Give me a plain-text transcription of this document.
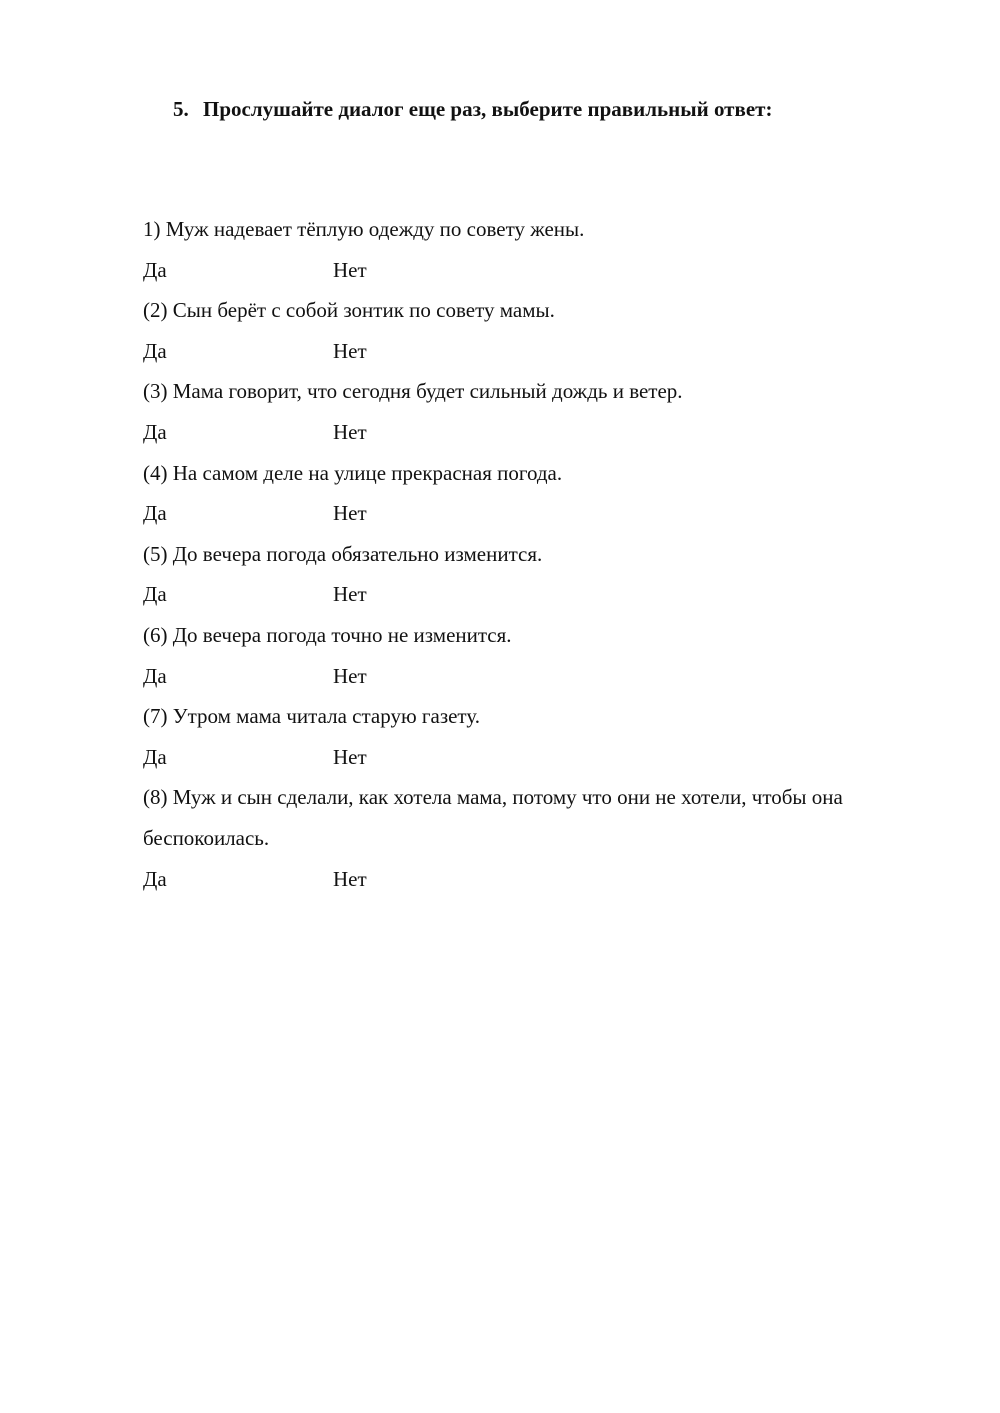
5. Прослушайте диалог еще раз, выберите правильный ответ:
1) Муж надевает тёплую одежду по совету жены.
Да	Нет
(2) Сын берёт с собой зонтик по совету мамы.
Да	Нет
(3) Мама говорит, что сегодня будет сильный дождь и ветер.
Да	Нет
(4) На самом деле на улице прекрасная погода.
Да	Нет
(5) До вечера погода обязательно изменится.
Да	Нет
(6) До вечера погода точно не изменится.
Да	Нет
(7) Утром мама читала старую газету.
Да	Нет
(8) Муж и сын сделали, как хотела мама, потому что они не хотели, чтобы она беспокоилась.
Да	Нет
